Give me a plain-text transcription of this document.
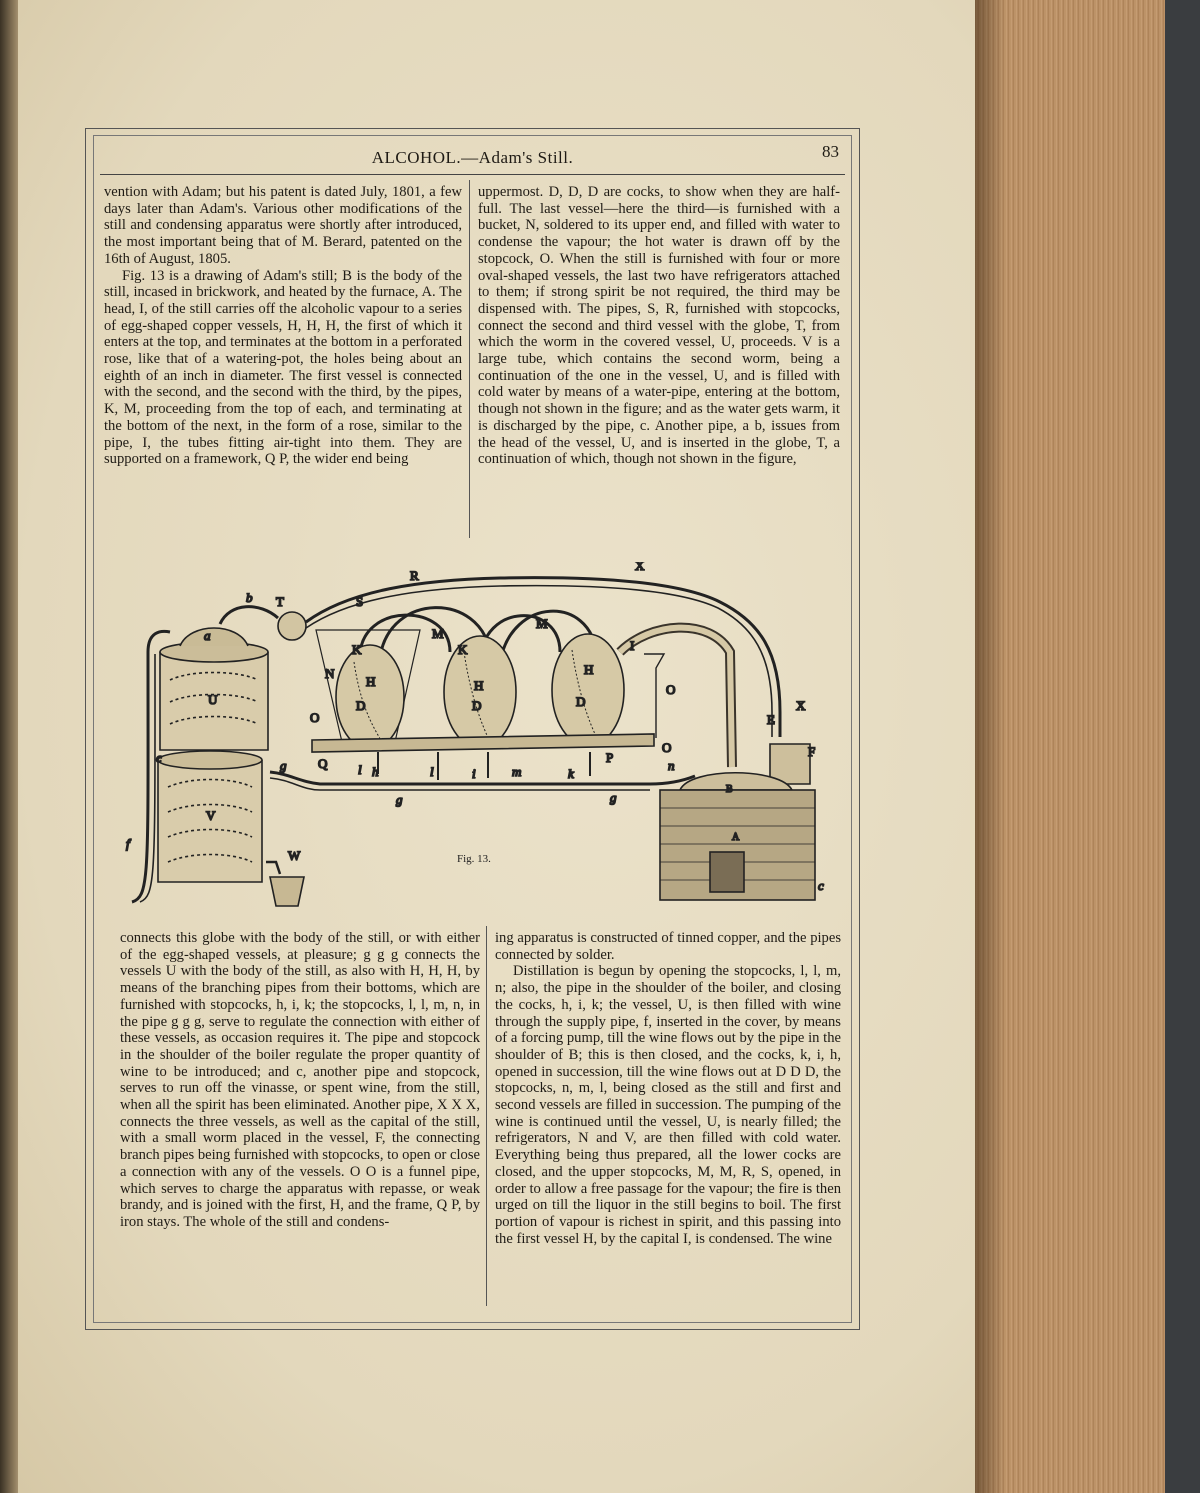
ALCOHOL.—Adam's Still.	83

vention with Adam; but his patent is dated July, 1801, a few days later than Adam's. Various other modifications of the still and condensing apparatus were shortly after introduced, the most important being that of M. Berard, patented on the 16th of August, 1805.

Fig. 13 is a drawing of Adam's still; B is the body of the still, incased in brickwork, and heated by the furnace, A. The head, I, of the still carries off the alcoholic vapour to a series of egg-shaped copper vessels, H, H, H, the first of which it enters at the top, and terminates at the bottom in a perforated rose, like that of a watering-pot, the holes being about an eighth of an inch in diameter. The first vessel is connected with the second, and the second with the third, by the pipes, K, M, proceeding from the top of each, and terminating at the bottom of the next, in the form of a rose, similar to the pipe, I, the tubes fitting air-tight into them. They are supported on a framework, Q P, the wider end being

uppermost. D, D, D are cocks, to show when they are half-full. The last vessel—here the third—is furnished with a bucket, N, soldered to its upper end, and filled with water to condense the vapour; the hot water is drawn off by the stopcock, O. When the still is furnished with four or more oval-shaped vessels, the last two have refrigerators attached to them; if strong spirit be not required, the third may be dispensed with. The pipes, S, R, furnished with stopcocks, connect the second and third vessel with the globe, T, from which the worm in the covered vessel, U, proceeds. V is a large tube, which contains the second worm, being a continuation of the one in the vessel, U, and is filled with cold water by means of a water-pipe, entering at the bottom, though not shown in the figure; and as the water gets warm, it is discharged by the pipe, c. Another pipe, a b, issues from the head of the vessel, U, and is inserted in the globe, T, a continuation of which, though not shown in the figure,

R
X
b T	S
M
K
M
K	I
a
N
H	H
H
D	D	D
U
O
O
O
X
E
F
c
g Q l h	l	i	m	k
P
n
g	g
B
A
V
f
W
c
Fig. 13.

connects this globe with the body of the still, or with either of the egg-shaped vessels, at pleasure; g g g connects the vessels U with the body of the still, as also with H, H, H, by means of the branching pipes from their bottoms, which are furnished with stopcocks, h, i, k; the stopcocks, l, l, m, n, in the pipe g g g, serve to regulate the connection with either of these vessels, as occasion requires it. The pipe and stopcock in the shoulder of the boiler regulate the proper quantity of wine to be introduced; and c, another pipe and stopcock, serves to run off the vinasse, or spent wine, from the still, when all the spirit has been eliminated. Another pipe, X X X, connects the three vessels, as well as the capital of the still, with a small worm placed in the vessel, F, the connecting branch pipes being furnished with stopcocks, to open or close a connection with any of the vessels. O O is a funnel pipe, which serves to charge the apparatus with repasse, or weak brandy, and is joined with the first, H, and the frame, Q P, by iron stays. The whole of the still and condens-

ing apparatus is constructed of tinned copper, and the pipes connected by solder.

Distillation is begun by opening the stopcocks, l, l, m, n; also, the pipe in the shoulder of the boiler, and closing the cocks, h, i, k; the vessel, U, is then filled with wine through the supply pipe, f, inserted in the cover, by means of a forcing pump, till the wine flows out by the pipe in the shoulder of B; this is then closed, and the cocks, k, i, h, opened in succession, till the wine flows out at D D D, the stopcocks, n, m, l, being closed as the still and first and second vessels are filled in succession. The pumping of the wine is continued until the vessel, U, is nearly filled; the refrigerators, N and V, are then filled with cold water. Everything being thus prepared, all the lower cocks are closed, and the upper stopcocks, M, M, R, S, opened, in order to allow a free passage for the vapour; the fire is then urged on till the liquor in the still begins to boil. The first portion of vapour is richest in spirit, and this passing into the first vessel H, by the capital I, is condensed. The wine
